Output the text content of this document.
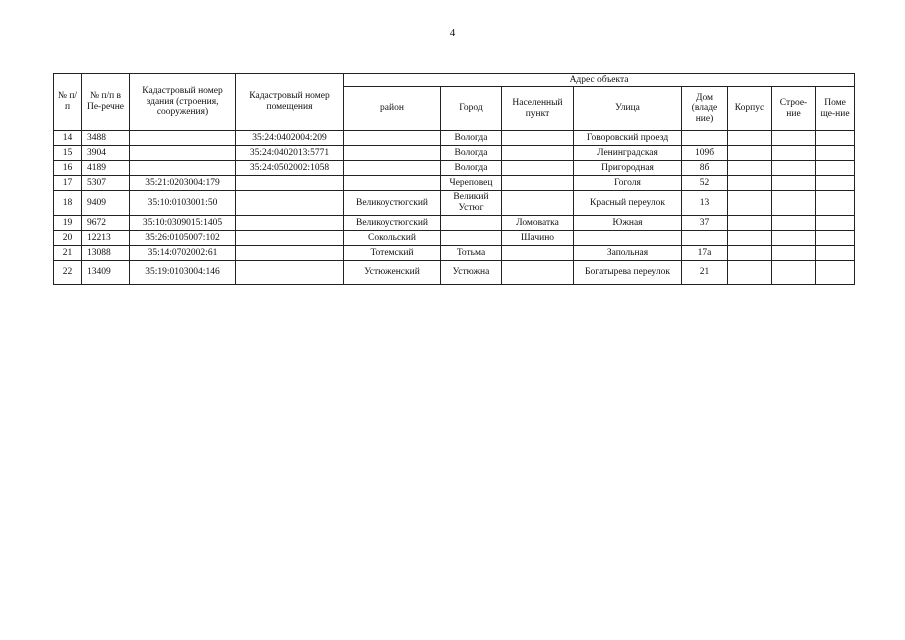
4
№ п/п	№ п/п в Пе-речне	Кадастровый номер здания (строения, сооружения)	Кадастровый номер помещения	Адрес объекта							
				район	Город	Населенный пункт	Улица	Дом (владе ние)	Корпус	Строе-ние	Поме ще-ние
14	3488		35:24:0402004:209		Вологда		Говоровский проезд				
15	3904		35:24:0402013:5771		Вологда		Ленинградская	109б			
16	4189		35:24:0502002:1058		Вологда		Пригородная	8б			
17	5307	35:21:0203004:179			Череповец		Гоголя	52			
18	9409	35:10:0103001:50		Великоустюгский	Великий Устюг		Красный переулок	13			
19	9672	35:10:0309015:1405		Великоустюгский		Ломоватка	Южная	37			
20	12213	35:26:0105007:102		Сокольский		Шачино					
21	13088	35:14:0702002:61		Тотемский	Тотьма		Запольная	17а			
22	13409	35:19:0103004:146		Устюженский	Устюжна		Богатырева переулок	21			
